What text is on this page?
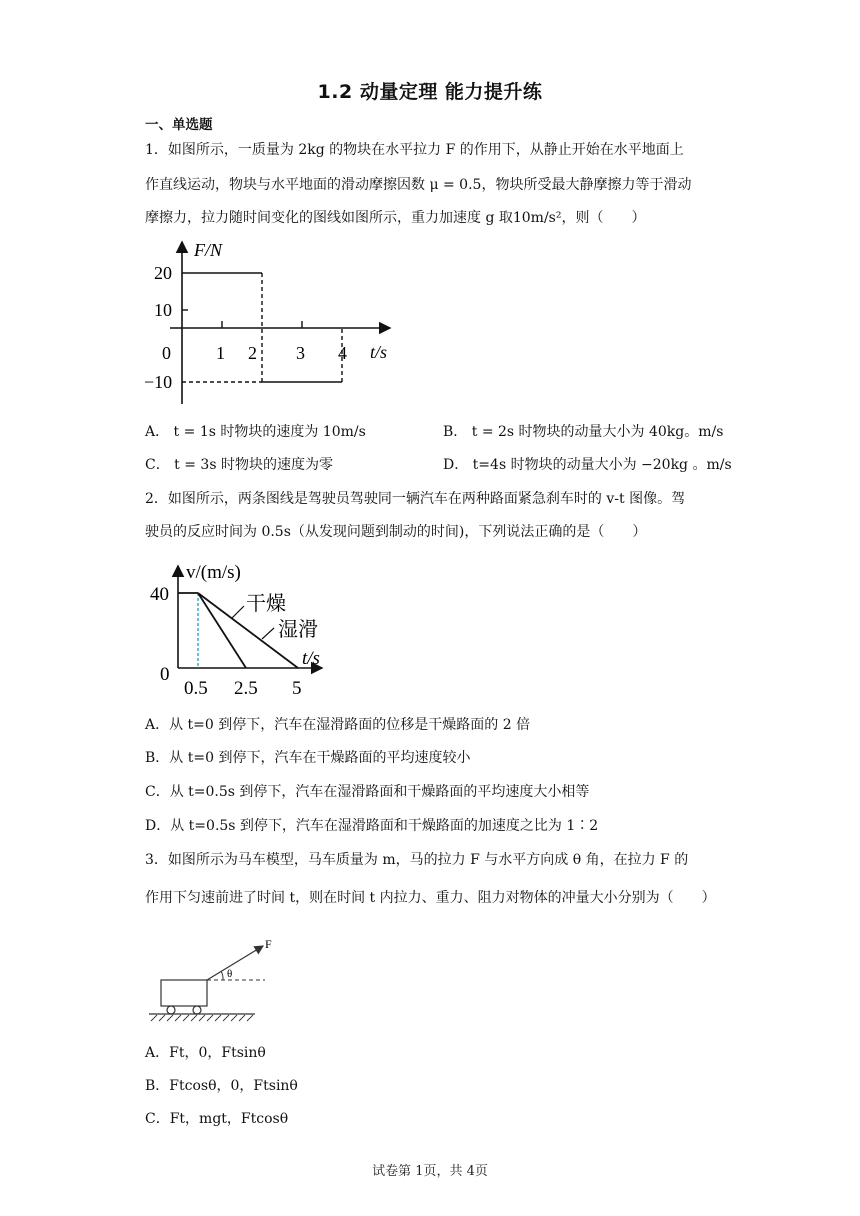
1.2 动量定理 能力提升练
一、单选题
1．如图所示，一质量为 2kg 的物块在水平拉力 F 的作用下，从静止开始在水平地面上
作直线运动，物块与水平地面的滑动摩擦因数 μ = 0.5，物块所受最大静摩擦力等于滑动
摩擦力，拉力随时间变化的图线如图所示，重力加速度 g 取10m/s²，则（　　）
F/N
t/s
20
10
0
−10
1 2 3 4
A． t = 1s 时物块的速度为 10m/s	B． t = 2s 时物块的动量大小为 40kg。m/s
C． t = 3s 时物块的速度为零	D． t=4s 时物块的动量大小为 −20kg 。m/s
2．如图所示，两条图线是驾驶员驾驶同一辆汽车在两种路面紧急刹车时的 v-t 图像。驾
驶员的反应时间为 0.5s（从发现问题到制动的时间)，下列说法正确的是（　　）
v/(m/s)
40
0
0.5 2.5 5
t/s
干燥
湿滑
A．从 t=0 到停下，汽车在湿滑路面的位移是干燥路面的 2 倍
B．从 t=0 到停下，汽车在干燥路面的平均速度较小
C．从 t=0.5s 到停下，汽车在湿滑路面和干燥路面的平均速度大小相等
D．从 t=0.5s 到停下，汽车在湿滑路面和干燥路面的加速度之比为 1∶2
3．如图所示为马车模型，马车质量为 m，马的拉力 F 与水平方向成 θ 角，在拉力 F 的
作用下匀速前进了时间 t，则在时间 t 内拉力、重力、阻力对物体的冲量大小分别为（　　）
F
θ
A．Ft，0，Ftsinθ
B．Ftcosθ，0，Ftsinθ
C．Ft，mgt，Ftcosθ
试卷第 1页，共 4页
